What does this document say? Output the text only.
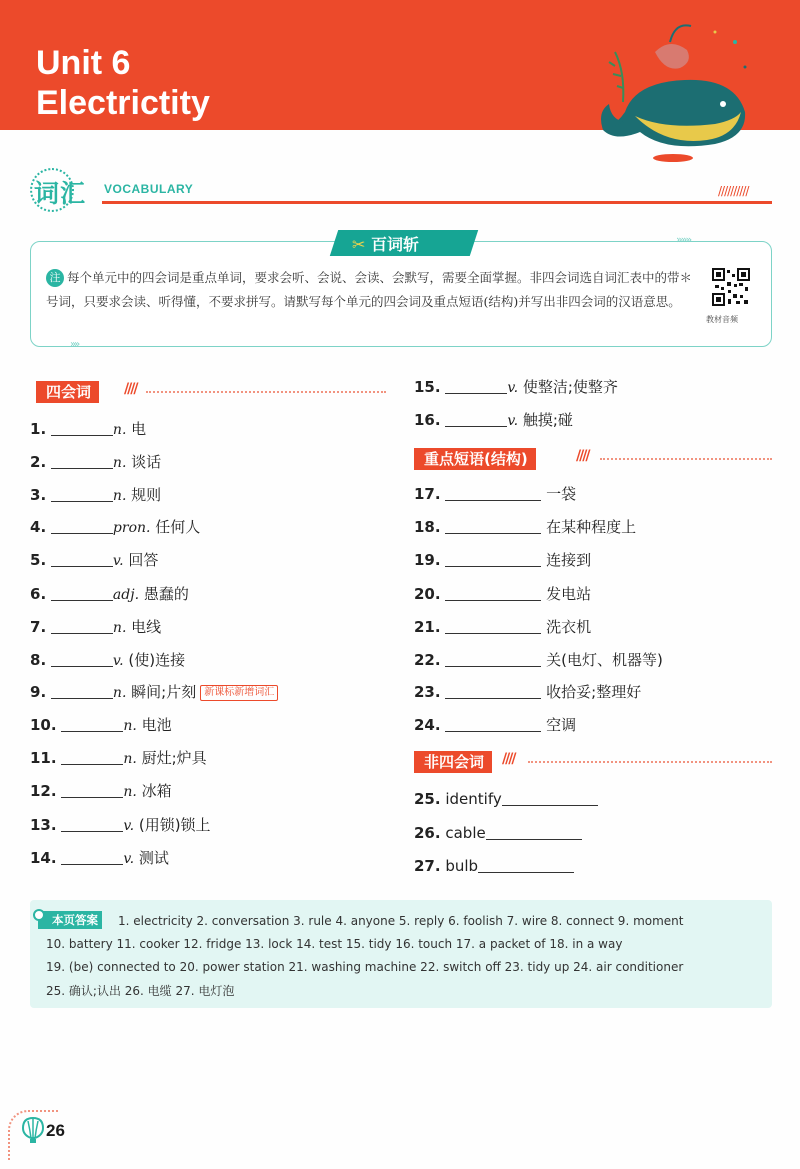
Unit 6
Electrictity
词汇 VOCABULARY	//////////
✂ 百词斩	»»»
注 每个单元中的四会词是重点单词，要求会听、会说、会读、会默写，需要全面掌握。非四会词选自词汇表中的带＊号词，只要求会读、听得懂，不要求拼写。请默写每个单元的四会词及重点短语(结构)并写出非四会词的汉语意思。
教材音频
»»
四会词	////
1.	n. 电
2.	n. 谈话
3.	n. 规则
4.	pron. 任何人
5.	v. 回答
6.	adj. 愚蠢的
7.	n. 电线
8.	v. (使)连接
9.	n. 瞬间;片刻 新课标新增词汇
10.	n. 电池
11.	n. 厨灶;炉具
12.	n. 冰箱
13.	v. (用锁)锁上
14.	v. 测试
15.	v. 使整洁;使整齐
16.	v. 触摸;碰
重点短语(结构)	////
17.	一袋
18.	在某种程度上
19.	连接到
20.	发电站
21.	洗衣机
22.	关(电灯、机器等)
23.	收拾妥;整理好
24.	空调
非四会词	////
25. identify
26. cable
27. bulb
本页答案	1. electricity 2. conversation 3. rule 4. anyone 5. reply 6. foolish 7. wire 8. connect 9. moment
10. battery 11. cooker 12. fridge 13. lock 14. test 15. tidy 16. touch 17. a packet of 18. in a way
19. (be) connected to 20. power station 21. washing machine 22. switch off 23. tidy up 24. air conditioner
25. 确认;认出 26. 电缆 27. 电灯泡
26
